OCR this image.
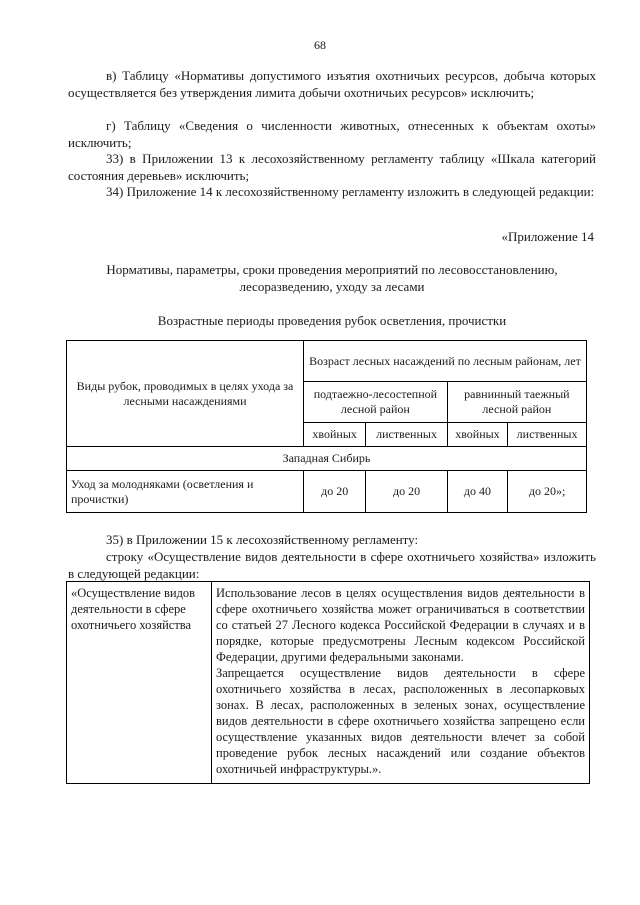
68
в) Таблицу «Нормативы допустимого изъятия охотничьих ресурсов, добыча которых осуществляется без утверждения лимита добычи охотничьих ресурсов» исключить;
г) Таблицу «Сведения о численности животных, отнесенных к объектам охоты» исключить;
33) в Приложении 13 к лесохозяйственному регламенту таблицу «Шкала категорий состояния деревьев» исключить;
34) Приложение 14 к лесохозяйственному регламенту изложить в следующей редакции:
«Приложение 14
Нормативы, параметры, сроки проведения мероприятий по лесовосстановлению,
лесоразведению, уходу за лесами
Возрастные периоды проведения рубок осветления, прочистки
Виды рубок, проводимых в целях ухода за лесными насаждениями	Возраст лесных насаждений по лесным районам, лет			
	подтаежно-лесостепной лесной район		равнинный таежный лесной район	
	хвойных	лиственных	хвойных	лиственных
Западная Сибирь				
Уход за молодняками (осветления и прочистки)	до 20	до 20	до 40	до 20»;
35) в Приложении 15 к лесохозяйственному регламенту:
строку «Осуществление видов деятельности в сфере охотничьего хозяйства» изложить в следующей редакции:
«Осуществление видов деятельности в сфере охотничьего хозяйства	

Использование лесов в целях осуществления видов деятельности в сфере охотничьего хозяйства может ограничиваться в соответствии со статьей 27 Лесного кодекса Российской Федерации в случаях и в порядке, которые предусмотрены Лесным кодексом Российской Федерации, другими федеральными законами.

Запрещается осуществление видов деятельности в сфере охотничьего хозяйства в лесах, расположенных в лесопарковых зонах. В лесах, расположенных в зеленых зонах, осуществление видов деятельности в сфере охотничьего хозяйства запрещено если осуществление указанных видов деятельности влечет за собой проведение рубок лесных насаждений или создание объектов охотничьей инфраструктуры.».
